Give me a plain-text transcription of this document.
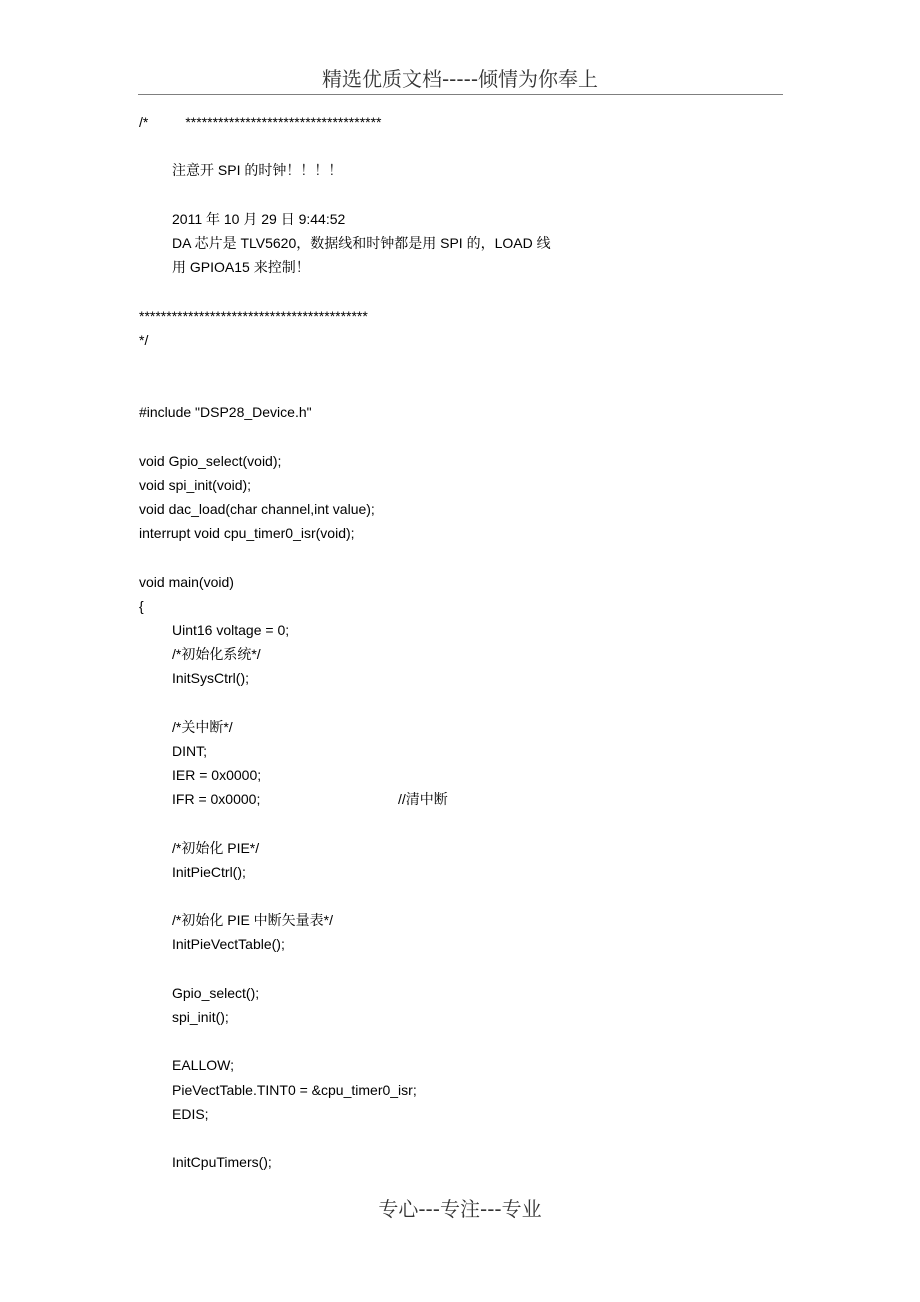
精选优质文档-----倾情为你奉上
/*	************************************
注意开 SPI 的时钟！！！！
2011 年 10 月 29 日 9:44:52
DA 芯片是 TLV5620，数据线和时钟都是用 SPI 的，LOAD 线
用 GPIOA15 来控制！
******************************************
*/
#include "DSP28_Device.h"
void Gpio_select(void);
void spi_init(void);
void dac_load(char channel,int value);
interrupt void cpu_timer0_isr(void);
void main(void)
{
Uint16 voltage = 0;
/*初始化系统*/
InitSysCtrl();
/*关中断*/
DINT;
IER = 0x0000;
IFR = 0x0000;	//清中断
/*初始化 PIE*/
InitPieCtrl();
/*初始化 PIE 中断矢量表*/
InitPieVectTable();
Gpio_select();
spi_init();
EALLOW;
PieVectTable.TINT0 = &cpu_timer0_isr;
EDIS;
InitCpuTimers();
专心---专注---专业
